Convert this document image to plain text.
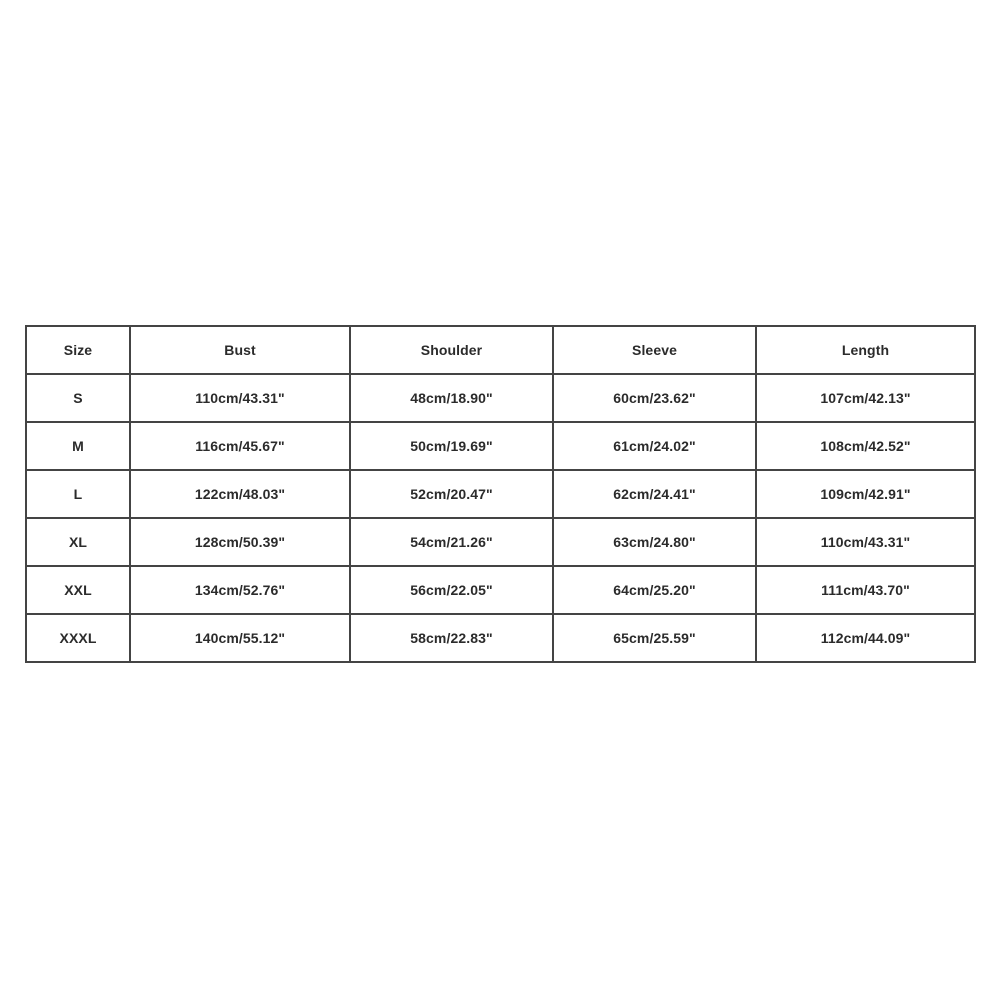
Size	Bust	Shoulder	Sleeve	Length
S	110cm/43.31"	48cm/18.90"	60cm/23.62"	107cm/42.13"
M	116cm/45.67"	50cm/19.69"	61cm/24.02"	108cm/42.52"
L	122cm/48.03"	52cm/20.47"	62cm/24.41"	109cm/42.91"
XL	128cm/50.39"	54cm/21.26"	63cm/24.80"	110cm/43.31"
XXL	134cm/52.76"	56cm/22.05"	64cm/25.20"	111cm/43.70"
XXXL	140cm/55.12"	58cm/22.83"	65cm/25.59"	112cm/44.09"
